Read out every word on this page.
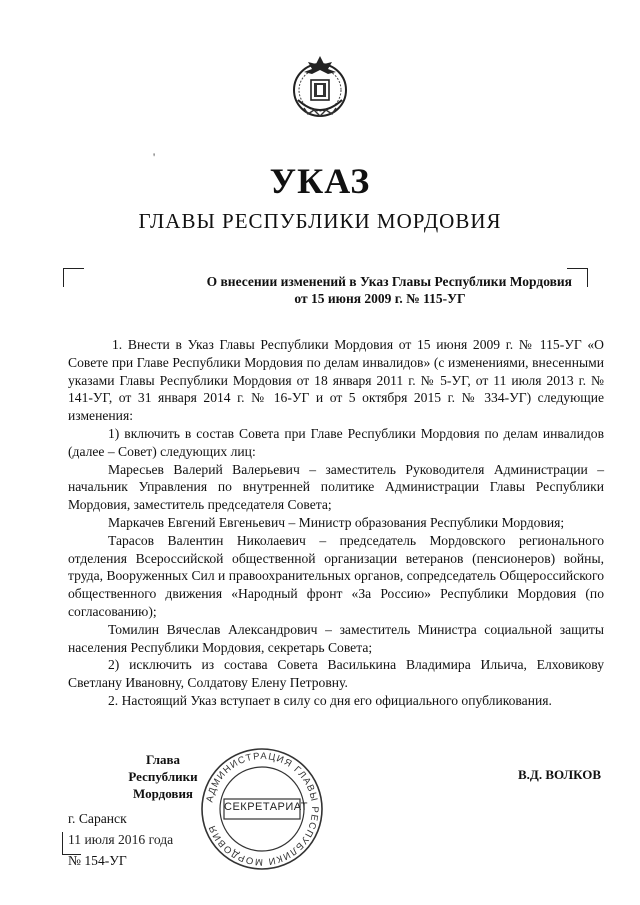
'
УКАЗ
ГЛАВЫ РЕСПУБЛИКИ МОРДОВИЯ
О внесении изменений в Указ Главы Республики Мордовия
от 15 июня 2009 г. № 115-УГ

1. Внести в Указ Главы Республики Мордовия от 15 июня 2009 г. № 115-УГ «О Совете при Главе Республики Мордовия по делам инвалидов» (с изменениями, внесенными указами Главы Республики Мордовия от 18 января 2011 г. № 5-УГ, от 11 июля 2013 г. № 141-УГ, от 31 января 2014 г. № 16-УГ и от 5 октября 2015 г. № 334-УГ) следующие изменения:

1) включить в состав Совета при Главе Республики Мордовия по делам инвалидов (далее – Совет) следующих лиц:

Маресьев Валерий Валерьевич – заместитель Руководителя Администрации – начальник Управления по внутренней политике Администрации Главы Республики Мордовия, заместитель председателя Совета;

Маркачев Евгений Евгеньевич – Министр образования Республики Мордовия;

Тарасов Валентин Николаевич – председатель Мордовского регионального отделения Всероссийской общественной организации ветеранов (пенсионеров) войны, труда, Вооруженных Сил и правоохранительных органов, сопредседатель Общероссийского общественного движения «Народный фронт «За Россию» Республики Мордовия (по согласованию);

Томилин Вячеслав Александрович – заместитель Министра социальной защиты населения Республики Мордовия, секретарь Совета;

2) исключить из состава Совета Василькина Владимира Ильича, Елховикову Светлану Ивановну, Солдатову Елену Петровну.

2. Настоящий Указ вступает в силу со дня его официального опубликования.

Глава
Республики Мордовия
В.Д. ВОЛКОВ
АДМИНИСТРАЦИЯ ГЛАВЫ РЕСПУБЛИКИ МОРДОВИЯ
СЕКРЕТАРИАТ
г. Саранск
11 июля 2016 года
№ 154-УГ
